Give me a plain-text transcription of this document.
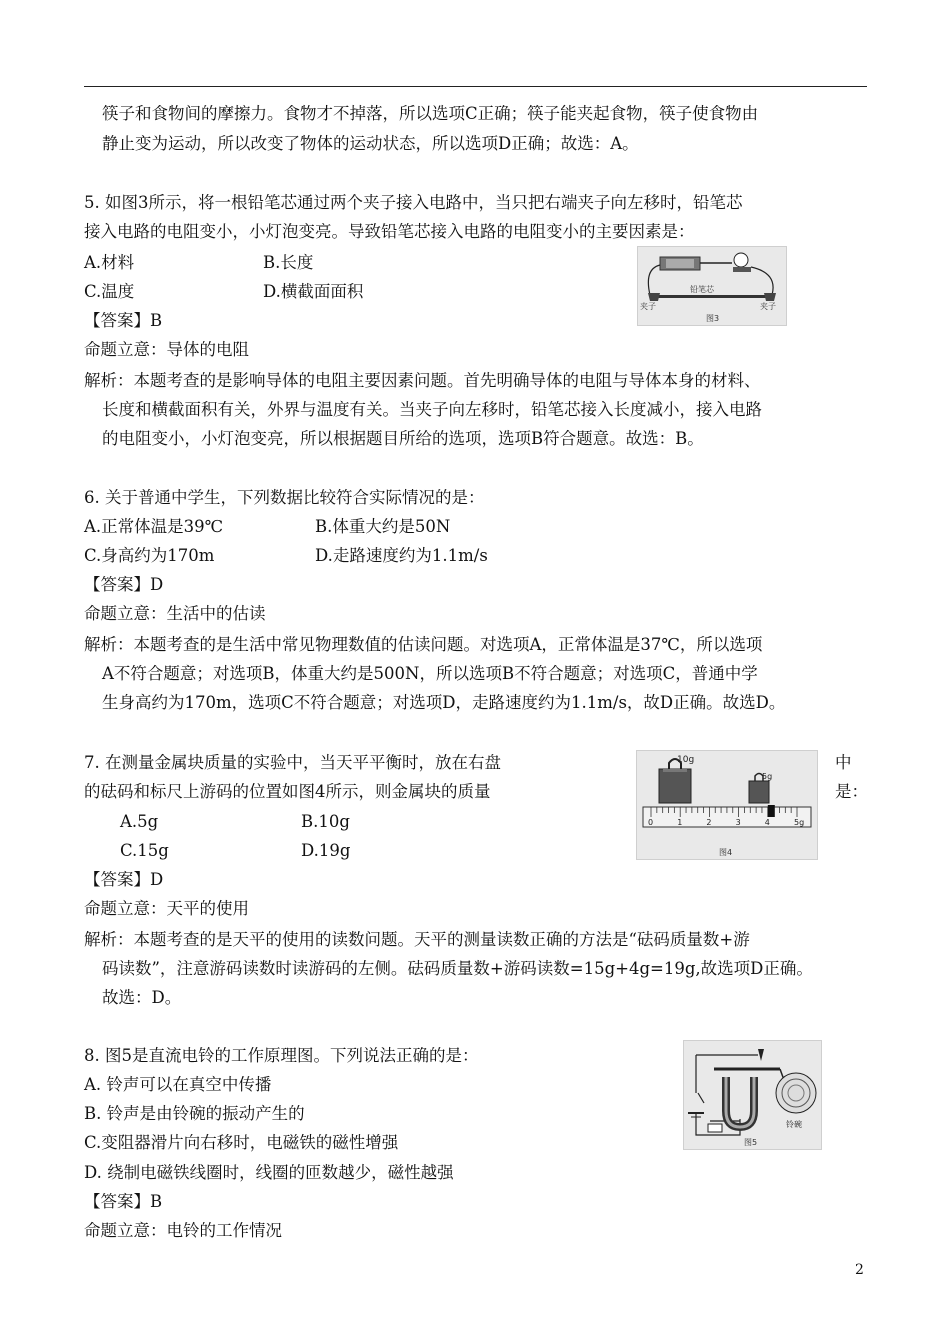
筷子和食物间的摩擦力。食物才不掉落，所以选项C正确；筷子能夹起食物，筷子使食物由
静止变为运动，所以改变了物体的运动状态，所以选项D正确；故选：A。
5. 如图3所示，将一根铅笔芯通过两个夹子接入电路中，当只把右端夹子向左移时，铅笔芯
接入电路的电阻变小，小灯泡变亮。导致铅笔芯接入电路的电阻变小的主要因素是：
A.材料	B.长度
C.温度	D.横截面面积
【答案】B
命题立意：导体的电阻
解析：本题考查的是影响导体的电阻主要因素问题。首先明确导体的电阻与导体本身的材料、
长度和横截面积有关，外界与温度有关。当夹子向左移时，铅笔芯接入长度减小，接入电路
的电阻变小，小灯泡变亮，所以根据题目所给的选项，选项B符合题意。故选：B。
夹子
铅笔芯
夹子
图3
6. 关于普通中学生，下列数据比较符合实际情况的是：
A.正常体温是39℃	B.体重大约是50N
C.身高约为170m	D.走路速度约为1.1m/s
【答案】D
命题立意：生活中的估读
解析：本题考查的是生活中常见物理数值的估读问题。对选项A，正常体温是37℃，所以选项
A不符合题意；对选项B，体重大约是500N，所以选项B不符合题意；对选项C，普通中学
生身高约为170m，选项C不符合题意；对选项D，走路速度约为1.1m/s，故D正确。故选D。
7. 在测量金属块质量的实验中，当天平平衡时，放在右盘	中
的砝码和标尺上游码的位置如图4所示，则金属块的质量	是：
A.5g	B.10g
C.15g	D.19g
【答案】D
命题立意：天平的使用
解析：本题考查的是天平的使用的读数问题。天平的测量读数正确的方法是“砝码质量数+游
码读数”，注意游码读数时读游码的左侧。砝码质量数+游码读数=15g+4g=19g,故选项D正确。
故选：D。
10g
5g
0	1	2	3	4	5g
图4
8. 图5是直流电铃的工作原理图。下列说法正确的是：
A. 铃声可以在真空中传播
B. 铃声是由铃碗的振动产生的
C.变阻器滑片向右移时，电磁铁的磁性增强
D. 绕制电磁铁线圈时，线圈的匝数越少，磁性越强
【答案】B
命题立意：电铃的工作情况
铃碗
图5
2
